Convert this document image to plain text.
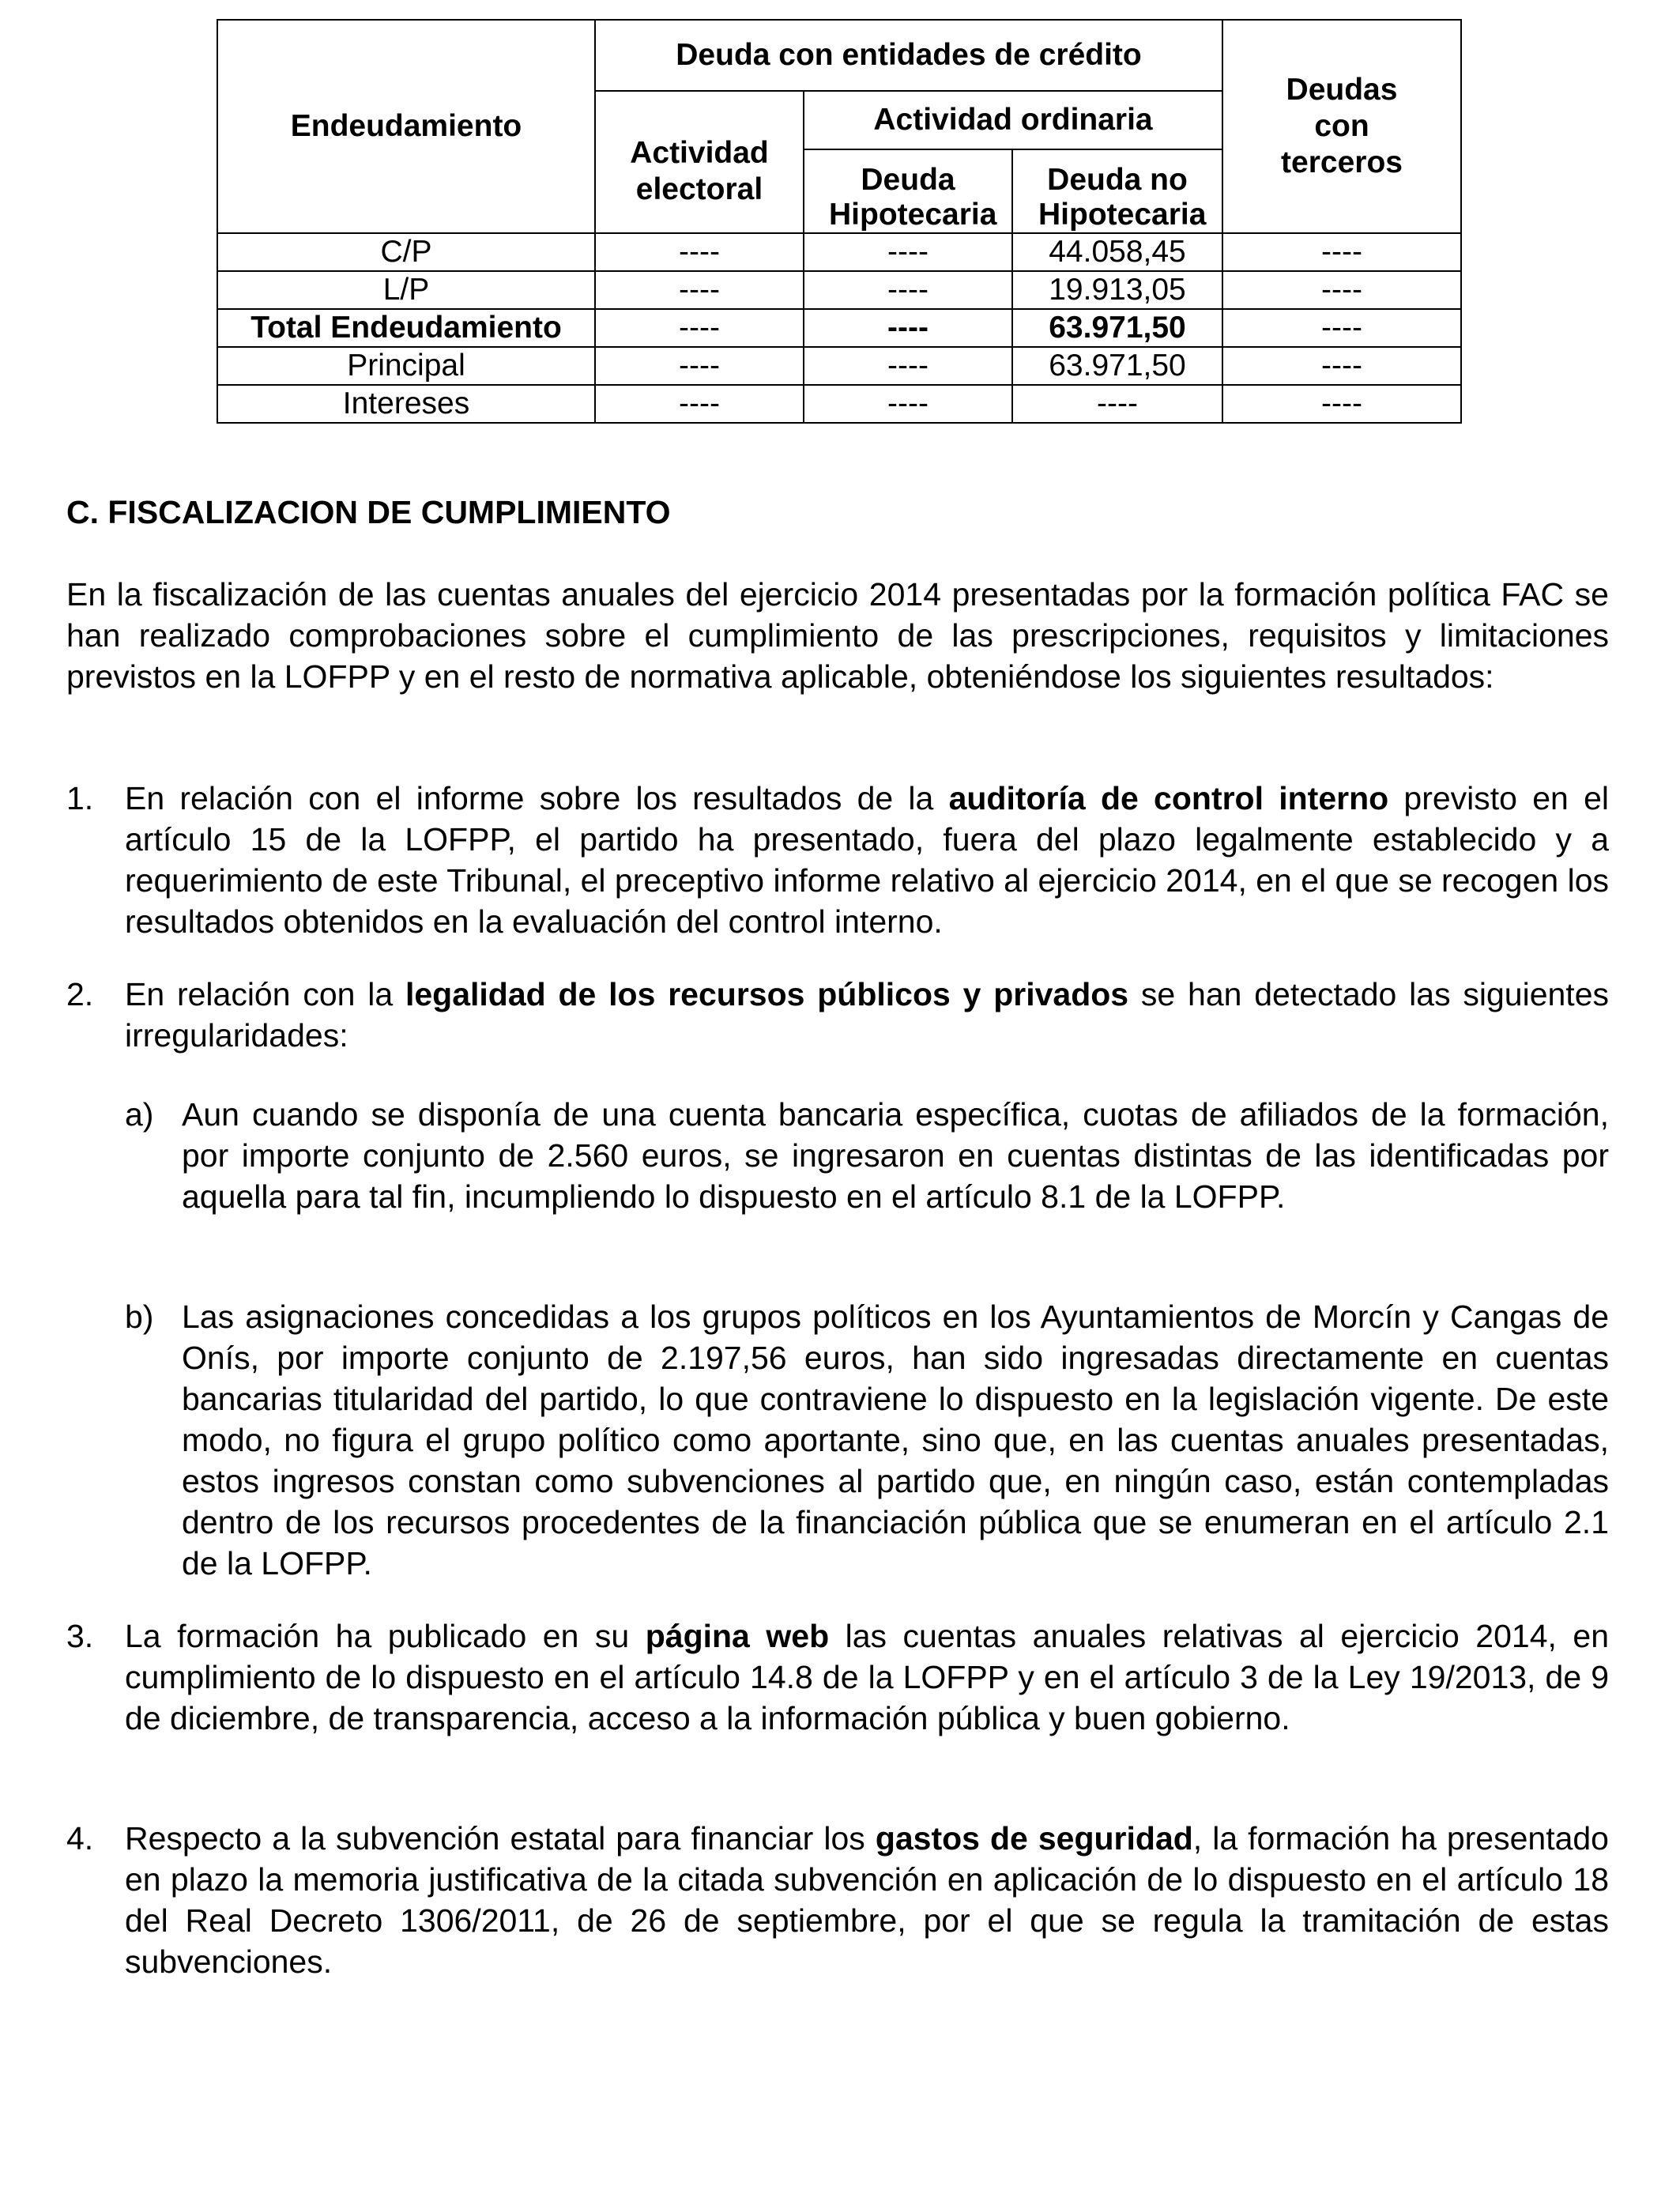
Endeudamiento	Deuda con entidades de crédito			Deudas con terceros

	Actividad electoral	Actividad ordinaria		

		Deuda Hipotecaria	Deuda no Hipotecaria	

C/P	----	----	44.058,45	----
L/P	----	----	19.913,05	----
Total Endeudamiento	----	----	63.971,50	----
Principal	----	----	63.971,50	----
Intereses	----	----	----	----
C. FISCALIZACION DE CUMPLIMIENTO

En la fiscalización de las cuentas anuales del ejercicio 2014 presentadas por la formación política FAC se han realizado comprobaciones sobre el cumplimiento de las prescripciones, requisitos y limitaciones previstos en la LOFPP y en el resto de normativa aplicable, obteniéndose los siguientes resultados:

1. En relación con el informe sobre los resultados de la auditoría de control interno previsto en el artículo 15 de la LOFPP, el partido ha presentado, fuera del plazo legalmente establecido y a requerimiento de este Tribunal, el preceptivo informe relativo al ejercicio 2014, en el que se recogen los resultados obtenidos en la evaluación del control interno.

2. En relación con la legalidad de los recursos públicos y privados se han detectado las siguientes irregularidades:

a) Aun cuando se disponía de una cuenta bancaria específica, cuotas de afiliados de la formación, por importe conjunto de 2.560 euros, se ingresaron en cuentas distintas de las identificadas por aquella para tal fin, incumpliendo lo dispuesto en el artículo 8.1 de la LOFPP.

b) Las asignaciones concedidas a los grupos políticos en los Ayuntamientos de Morcín y Cangas de Onís, por importe conjunto de 2.197,56 euros, han sido ingresadas directamente en cuentas bancarias titularidad del partido, lo que contraviene lo dispuesto en la legislación vigente. De este modo, no figura el grupo político como aportante, sino que, en las cuentas anuales presentadas, estos ingresos constan como subvenciones al partido que, en ningún caso, están contempladas dentro de los recursos procedentes de la financiación pública que se enumeran en el artículo 2.1 de la LOFPP.

3. La formación ha publicado en su página web las cuentas anuales relativas al ejercicio 2014, en cumplimiento de lo dispuesto en el artículo 14.8 de la LOFPP y en el artículo 3 de la Ley 19/2013, de 9 de diciembre, de transparencia, acceso a la información pública y buen gobierno.

4. Respecto a la subvención estatal para financiar los gastos de seguridad, la formación ha presentado en plazo la memoria justificativa de la citada subvención en aplicación de lo dispuesto en el artículo 18 del Real Decreto 1306/2011, de 26 de septiembre, por el que se regula la tramitación de estas subvenciones.
